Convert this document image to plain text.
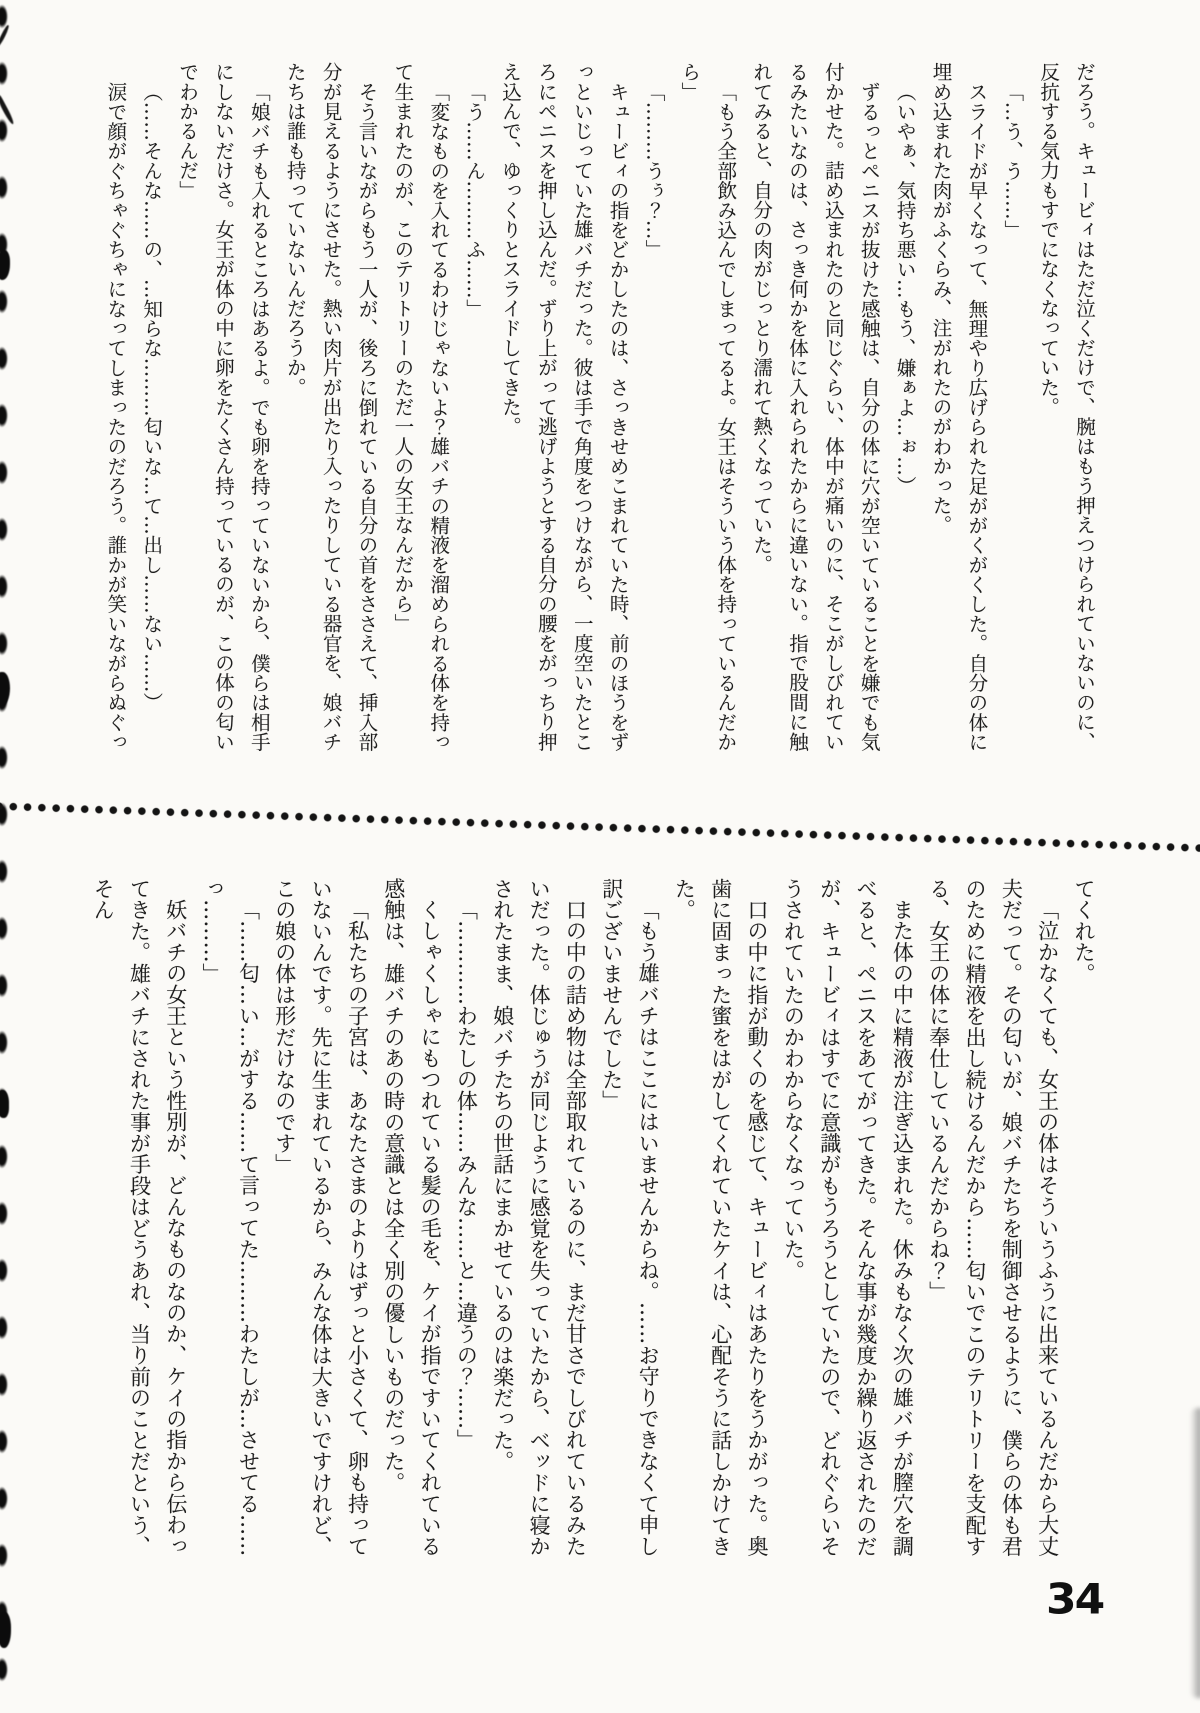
だろう。キュービィはただ泣くだけで、腕はもう押えつけられていないのに、反抗する気力もすでになくなっていた。

「…う、う……」

スライドが早くなって、無理やり広げられた足ががくがくした。自分の体に埋め込まれた肉がふくらみ、注がれたのがわかった。

（いやぁ、気持ち悪い…もう、嫌ぁよ…ぉ…）

ずるっとペニスが抜けた感触は、自分の体に穴が空いていることを嫌でも気付かせた。詰め込まれたのと同じぐらい、体中が痛いのに、そこがしびれているみたいなのは、さっき何かを体に入れられたからに違いない。指で股間に触れてみると、自分の肉がじっとり濡れて熱くなっていた。

「もう全部飲み込んでしまってるよ。女王はそういう体を持っているんだから」

「………うぅ？…」

キュービィの指をどかしたのは、さっきせめこまれていた時、前のほうをずっといじっていた雄バチだった。彼は手で角度をつけながら、一度空いたところにペニスを押し込んだ。ずり上がって逃げようとする自分の腰をがっちり押え込んで、ゆっくりとスライドしてきた。

「う……ん………ふ……」

「変なものを入れてるわけじゃないよ？雄バチの精液を溜められる体を持って生まれたのが、このテリトリーのただ一人の女王なんだから」

そう言いながらもう一人が、後ろに倒れている自分の首をささえて、挿入部分が見えるようにさせた。熱い肉片が出たり入ったりしている器官を、娘バチたちは誰も持っていないんだろうか。

「娘バチも入れるところはあるよ。でも卵を持っていないから、僕らは相手にしないだけさ。女王が体の中に卵をたくさん持っているのが、この体の匂いでわかるんだ」

（……そんな……の、…知らな………匂いな…て…出し……ない……）

涙で顔がぐちゃぐちゃになってしまったのだろう。誰かが笑いながらぬぐっ

てくれた。

「泣かなくても、女王の体はそういうふうに出来ているんだから大丈夫だって。その匂いが、娘バチたちを制御させるように、僕らの体も君のために精液を出し続けるんだから……匂いでこのテリトリーを支配する、女王の体に奉仕しているんだからね？」

また体の中に精液が注ぎ込まれた。休みもなく次の雄バチが膣穴を調べると、ペニスをあてがってきた。そんな事が幾度か繰り返されたのだが、キュービィはすでに意識がもうろうとしていたので、どれぐらいそうされていたのかわからなくなっていた。

口の中に指が動くのを感じて、キュービィはあたりをうかがった。奥歯に固まった蜜をはがしてくれていたケイは、心配そうに話しかけてきた。

「もう雄バチはここにはいませんからね。……お守りできなくて申し訳ございませんでした」

口の中の詰め物は全部取れているのに、まだ甘さでしびれているみたいだった。体じゅうが同じように感覚を失っていたから、ベッドに寝かされたまま、娘バチたちの世話にまかせているのは楽だった。

「…………わたしの体……みんな……と…違うの？……」

くしゃくしゃにもつれている髪の毛を、ケイが指ですいてくれている感触は、雄バチのあの時の意識とは全く別の優しいものだった。

「私たちの子宮は、あなたさまのよりはずっと小さくて、卵も持っていないんです。先に生まれているから、みんな体は大きいですけれど、この娘の体は形だけなのです」

「……匂…い…がする……て言ってた………わたしが…させてる……っ………」

妖バチの女王という性別が、どんなものなのか、ケイの指から伝わってきた。雄バチにされた事が手段はどうあれ、当り前のことだという、そん

34
